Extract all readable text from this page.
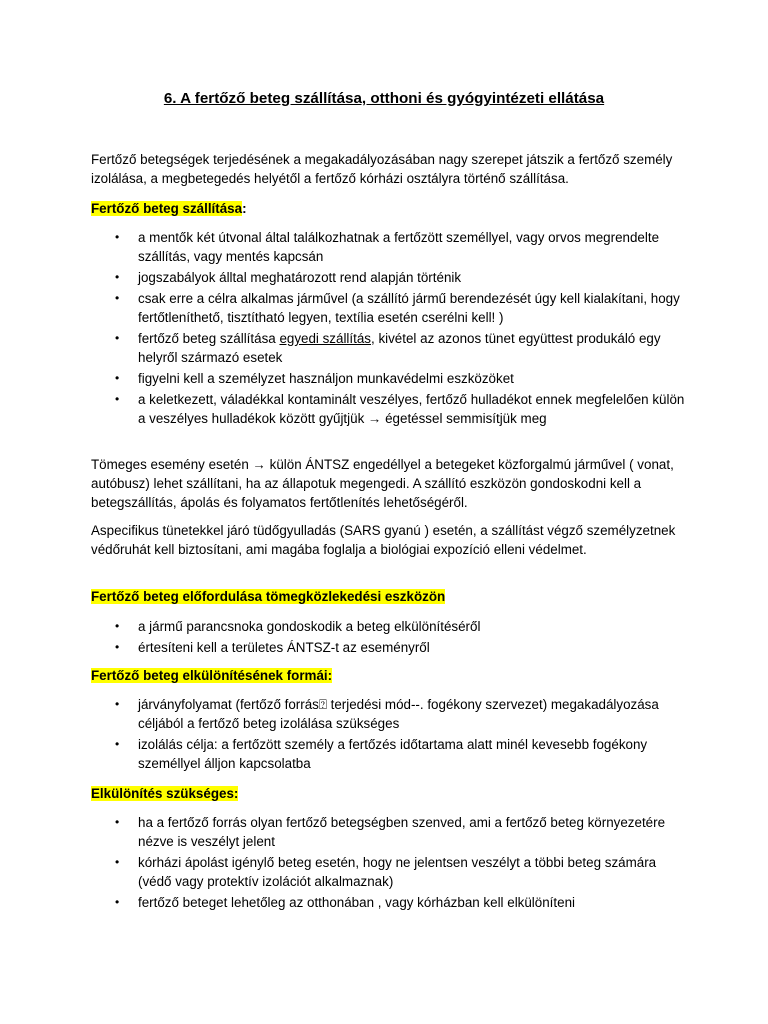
6. A fertőző beteg szállítása, otthoni és gyógyintézeti ellátása

Fertőző betegségek terjedésének a megakadályozásában nagy szerepet játszik a fertőző személy izolálása, a megbetegedés helyétől a fertőző kórházi osztályra történő szállítása.

Fertőző beteg szállítása:

• a mentők két útvonal által találkozhatnak a fertőzött személlyel, vagy orvos megrendelte szállítás, vagy mentés kapcsán
• jogszabályok álltal meghatározott rend alapján történik
• csak erre a célra alkalmas járművel (a szállító jármű berendezését úgy kell kialakítani, hogy fertőtleníthető, tisztítható legyen, textília esetén cserélni kell! )
• fertőző beteg szállítása egyedi szállítás, kivétel az azonos tünet együttest produkáló egy helyről származó esetek
• figyelni kell a személyzet használjon munkavédelmi eszközöket
• a keletkezett, váladékkal kontaminált veszélyes, fertőző hulladékot ennek megfelelően külön a veszélyes hulladékok között gyűjtjük → égetéssel semmisítjük meg

Tömeges esemény esetén → külön ÁNTSZ engedéllyel a betegeket közforgalmú járművel ( vonat, autóbusz) lehet szállítani, ha az állapotuk megengedi. A szállító eszközön gondoskodni kell a betegszállítás, ápolás és folyamatos fertőtlenítés lehetőségéről.

Aspecifikus tünetekkel járó tüdőgyulladás (SARS gyanú ) esetén, a szállítást végző személyzetnek védőruhát kell biztosítani, ami magába foglalja a biológiai expozíció elleni védelmet.

Fertőző beteg előfordulása tömegközlekedési eszközön

• a jármű parancsnoka gondoskodik a beteg elkülönítéséről
• értesíteni kell a területes ÁNTSZ-t az eseményről

Fertőző beteg elkülönítésének formái:

• járványfolyamat (fertőző forrás⍰ terjedési mód--. fogékony szervezet) megakadályozása céljából a fertőző beteg izolálása szükséges
• izolálás célja: a fertőzött személy a fertőzés időtartama alatt minél kevesebb fogékony személlyel álljon kapcsolatba

Elkülönítés szükséges:

• ha a fertőző forrás olyan fertőző betegségben szenved, ami a fertőző beteg környezetére nézve is veszélyt jelent
• kórházi ápolást igénylő beteg esetén, hogy ne jelentsen veszélyt a többi beteg számára (védő vagy protektív izolációt alkalmaznak)
• fertőző beteget lehetőleg az otthonában , vagy kórházban kell elkülöníteni
